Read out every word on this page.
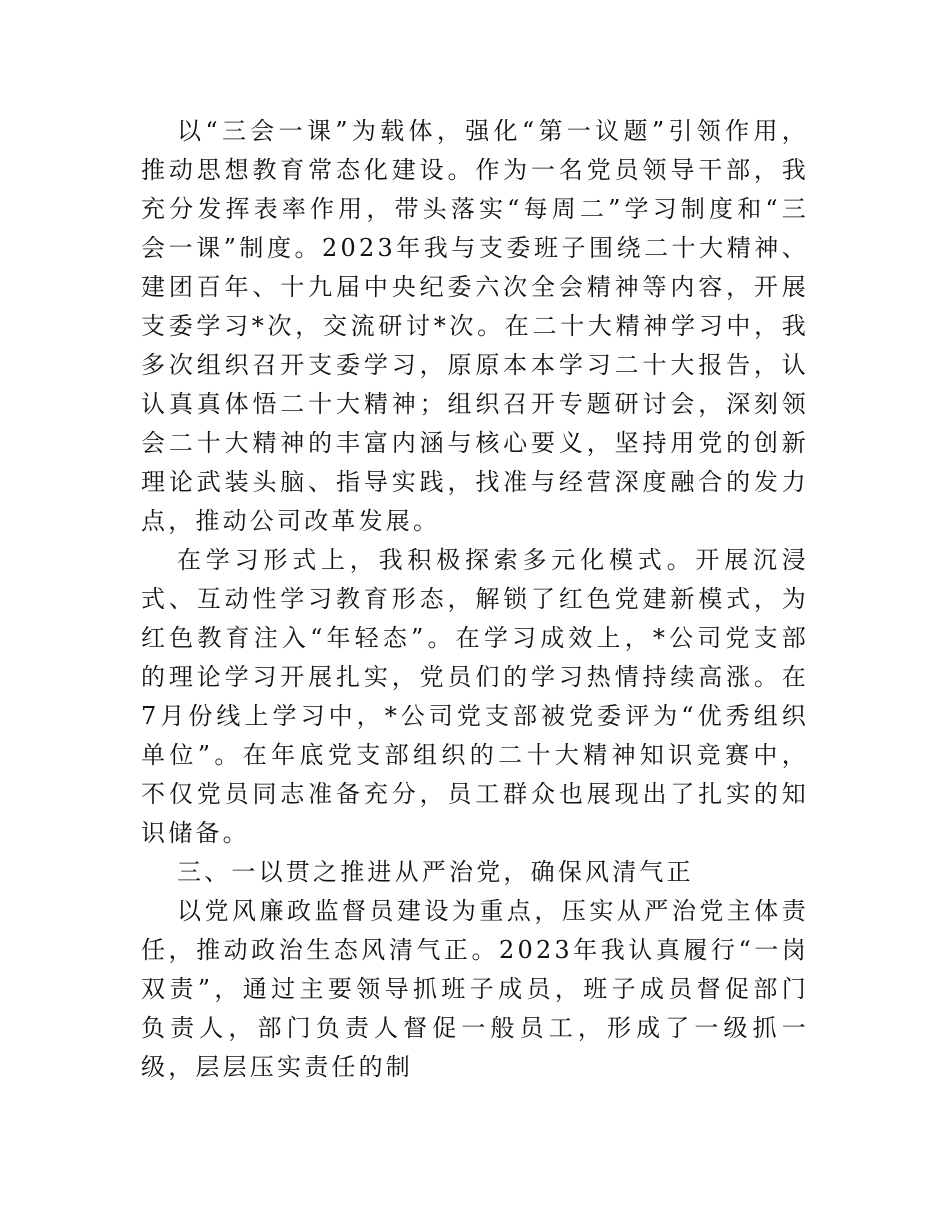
以“三会一课”为载体，强化“第一议题”引领作用，推动思想教育常态化建设。作为一名党员领导干部，我充分发挥表率作用，带头落实“每周二”学习制度和“三会一课”制度。2023年我与支委班子围绕二十大精神、建团百年、十九届中央纪委六次全会精神等内容，开展支委学习*次，交流研讨*次。在二十大精神学习中，我多次组织召开支委学习，原原本本学习二十大报告，认认真真体悟二十大精神；组织召开专题研讨会，深刻领会二十大精神的丰富内涵与核心要义，坚持用党的创新理论武装头脑、指导实践，找准与经营深度融合的发力点，推动公司改革发展。

在学习形式上，我积极探索多元化模式。开展沉浸式、互动性学习教育形态，解锁了红色党建新模式，为红色教育注入“年轻态”。在学习成效上，*公司党支部的理论学习开展扎实，党员们的学习热情持续高涨。在7月份线上学习中，*公司党支部被党委评为“优秀组织单位”。在年底党支部组织的二十大精神知识竞赛中，不仅党员同志准备充分，员工群众也展现出了扎实的知识储备。

三、一以贯之推进从严治党，确保风清气正

以党风廉政监督员建设为重点，压实从严治党主体责任，推动政治生态风清气正。2023年我认真履行“一岗双责”，通过主要领导抓班子成员，班子成员督促部门负责人，部门负责人督促一般员工，形成了一级抓一级，层层压实责任的制
